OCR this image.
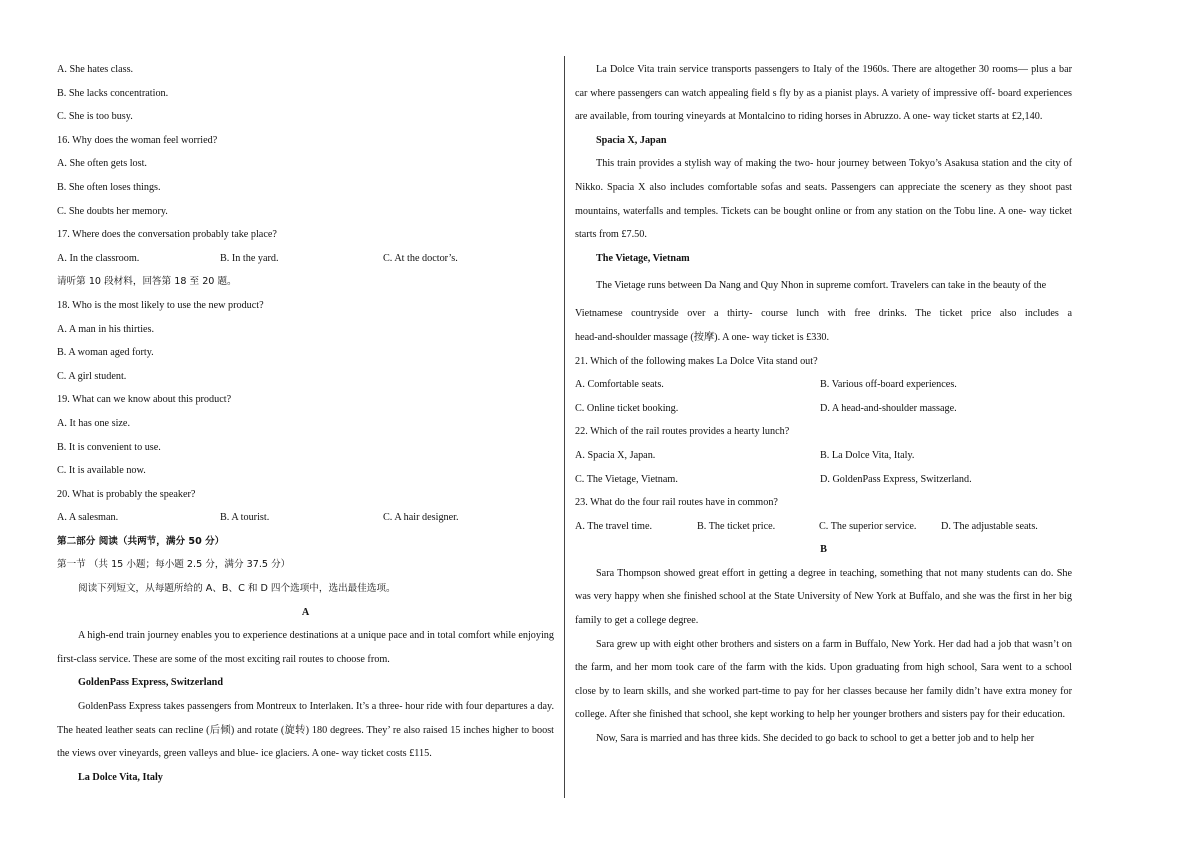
A. She hates class.
B. She lacks concentration.
C. She is too busy.
16. Why does the woman feel worried?
A. She often gets lost.
B. She often loses things.
C. She doubts her memory.
17. Where does the conversation probably take place?
A. In the classroom.	B. In the yard.	C. At the doctor’s.
请听第 10 段材料，回答第 18 至 20 题。
18. Who is the most likely to use the new product?
A. A man in his thirties.
B. A woman aged forty.
C. A girl student.
19. What can we know about this product?
A. It has one size.
B. It is convenient to use.
C. It is available now.
20. What is probably the speaker?
A. A salesman.	B. A tourist.	C. A hair designer.
第二部分 阅读（共两节，满分 50 分）
第一节 （共 15 小题；每小题 2.5 分，满分 37.5 分）
阅读下列短文，从每题所给的 A、B、C 和 D 四个选项中，选出最佳选项。
A

A high-end train journey enables you to experience destinations at a unique pace and in total comfort while enjoying first-class service. These are some of the most exciting rail routes to choose from.

GoldenPass Express, Switzerland

GoldenPass Express takes passengers from Montreux to Interlaken. It’s a three- hour ride with four departures a day. The heated leather seats can recline (后倾) and rotate (旋转) 180 degrees. They’ re also raised 15 inches higher to boost the views over vineyards, green valleys and blue- ice glaciers. A one- way ticket costs £115.

La Dolce Vita, Italy

La Dolce Vita train service transports passengers to Italy of the 1960s. There are altogether 30 rooms— plus a bar car where passengers can watch appealing field s fly by as a pianist plays. A variety of impressive off- board experiences are available, from touring vineyards at Montalcino to riding horses in Abruzzo. A one- way ticket starts at £2,140.

Spacia X, Japan

This train provides a stylish way of making the two- hour journey between Tokyo’s Asakusa station and the city of Nikko. Spacia X also includes comfortable sofas and seats. Passengers can appreciate the scenery as they shoot past mountains, waterfalls and temples. Tickets can be bought online or from any station on the Tobu line. A one- way ticket starts from £7.50.

The Vietage, Vietnam
The Vietage runs between Da Nang and Quy Nhon in supreme comfort. Travelers can take in the beauty of the
Vietnamese countryside over a thirty- course lunch with free drinks. The ticket price also includes a
head-and-shoulder massage (按摩). A one- way ticket is £330.
21. Which of the following makes La Dolce Vita stand out?
A. Comfortable seats.	B. Various off-board experiences.
C. Online ticket booking.	D. A head-and-shoulder massage.
22. Which of the rail routes provides a hearty lunch?
A. Spacia X, Japan.	B. La Dolce Vita, Italy.
C. The Vietage, Vietnam.	D. GoldenPass Express, Switzerland.
23. What do the four rail routes have in common?
A. The travel time.	B. The ticket price.	C. The superior service.	D. The adjustable seats.
B

Sara Thompson showed great effort in getting a degree in teaching, something that not many students can do. She was very happy when she finished school at the State University of New York at Buffalo, and she was the first in her big family to get a college degree.

Sara grew up with eight other brothers and sisters on a farm in Buffalo, New York. Her dad had a job that wasn’t on the farm, and her mom took care of the farm with the kids. Upon graduating from high school, Sara went to a school close by to learn skills, and she worked part-time to pay for her classes because her family didn’t have extra money for college. After she finished that school, she kept working to help her younger brothers and sisters pay for their education.

Now, Sara is married and has three kids. She decided to go back to school to get a better job and to help her
